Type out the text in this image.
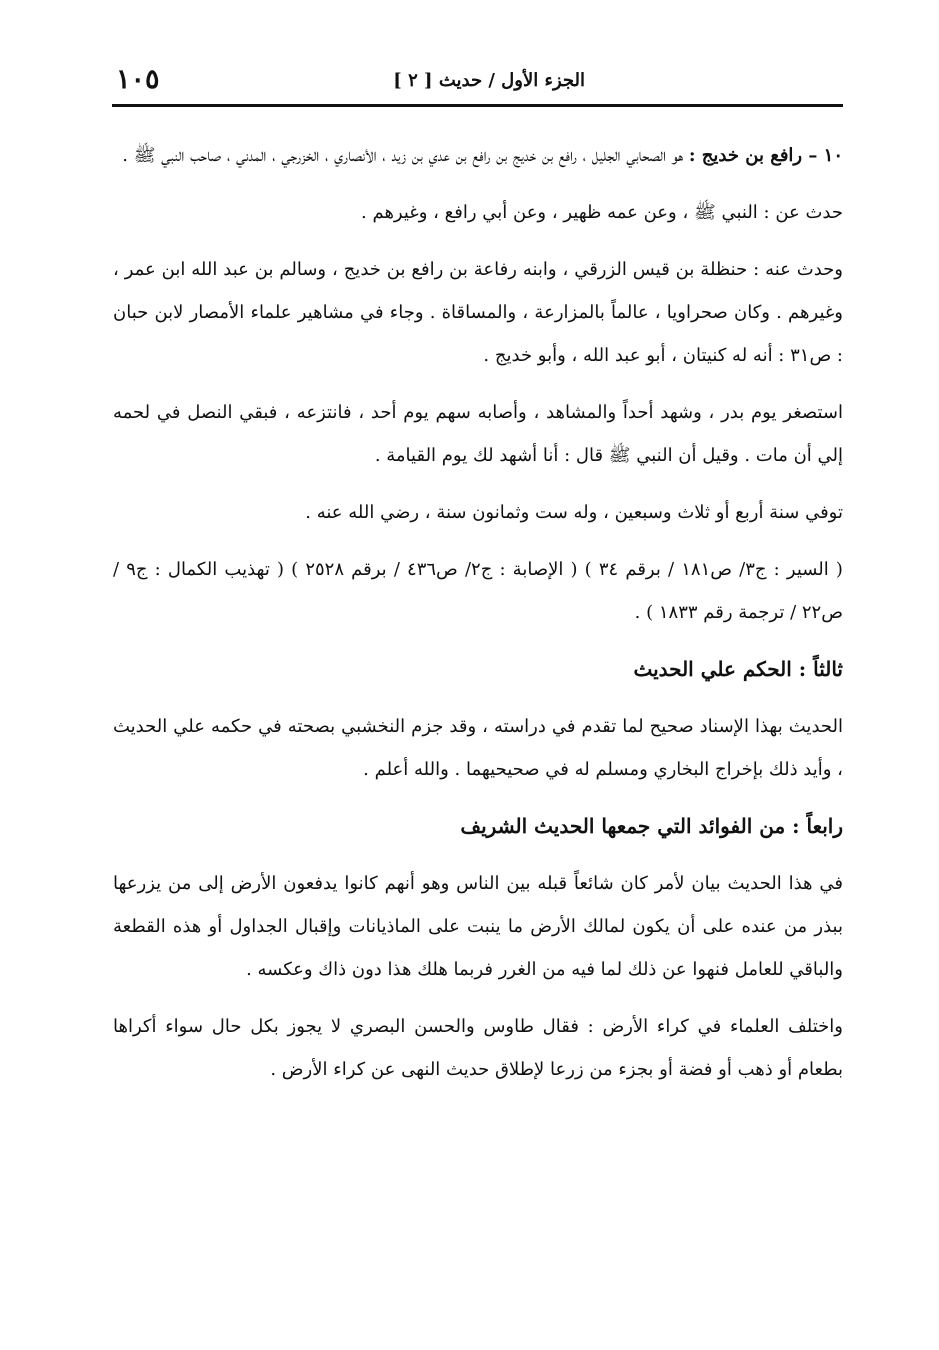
الجزء الأول / حديث [ ٢ ]
١٠٥

١٠ – رافع بن خديج : هو الصحابي الجليل ، رافع بن خديج بن رافع بن عدي بن زيد ، الأنصاري ، الخزرجي ، المدني ، صاحب النبي ﷺ .

حدث عن : النبي ﷺ ، وعن عمه ظهير ، وعن أبي رافع ، وغيرهم .

وحدث عنه : حنظلة بن قيس الزرقي ، وابنه رفاعة بن رافع بن خديج ، وسالم بن عبد الله ابن عمر ، وغيرهم . وكان صحراويا ، عالماً بالمزارعة ، والمساقاة . وجاء في مشاهير علماء الأمصار لابن حبان : ص٣١ : أنه له كنيتان ، أبو عبد الله ، وأبو خديج .

استصغر يوم بدر ، وشهد أحداً والمشاهد ، وأصابه سهم يوم أحد ، فانتزعه ، فبقي النصل في لحمه إلي أن مات . وقيل أن النبي ﷺ قال : أنا أشهد لك يوم القيامة .

توفي سنة أربع أو ثلاث وسبعين ، وله ست وثمانون سنة ، رضي الله عنه .

( السير : ج٣/ ص١٨١ / برقم ٣٤ ) ( الإصابة : ج٢/ ص٤٣٦ / برقم ٢٥٢٨ ) ( تهذيب الكمال : ج٩ / ص٢٢ / ترجمة رقم ١٨٣٣ ) .

ثالثاً : الحكم علي الحديث

الحديث بهذا الإسناد صحيح لما تقدم في دراسته ، وقد جزم النخشبي بصحته في حكمه علي الحديث ، وأيد ذلك بإخراج البخاري ومسلم له في صحيحيهما . والله أعلم .

رابعاً : من الفوائد التي جمعها الحديث الشريف

في هذا الحديث بيان لأمر كان شائعاً قبله بين الناس وهو أنهم كانوا يدفعون الأرض إلى من يزرعها ببذر من عنده على أن يكون لمالك الأرض ما ينبت على الماذيانات وإقبال الجداول أو هذه القطعة والباقي للعامل فنهوا عن ذلك لما فيه من الغرر فربما هلك هذا دون ذاك وعكسه .

واختلف العلماء في كراء الأرض : فقال طاوس والحسن البصري لا يجوز بكل حال سواء أكراها بطعام أو ذهب أو فضة أو بجزء من زرعا لإطلاق حديث النهى عن كراء الأرض .
